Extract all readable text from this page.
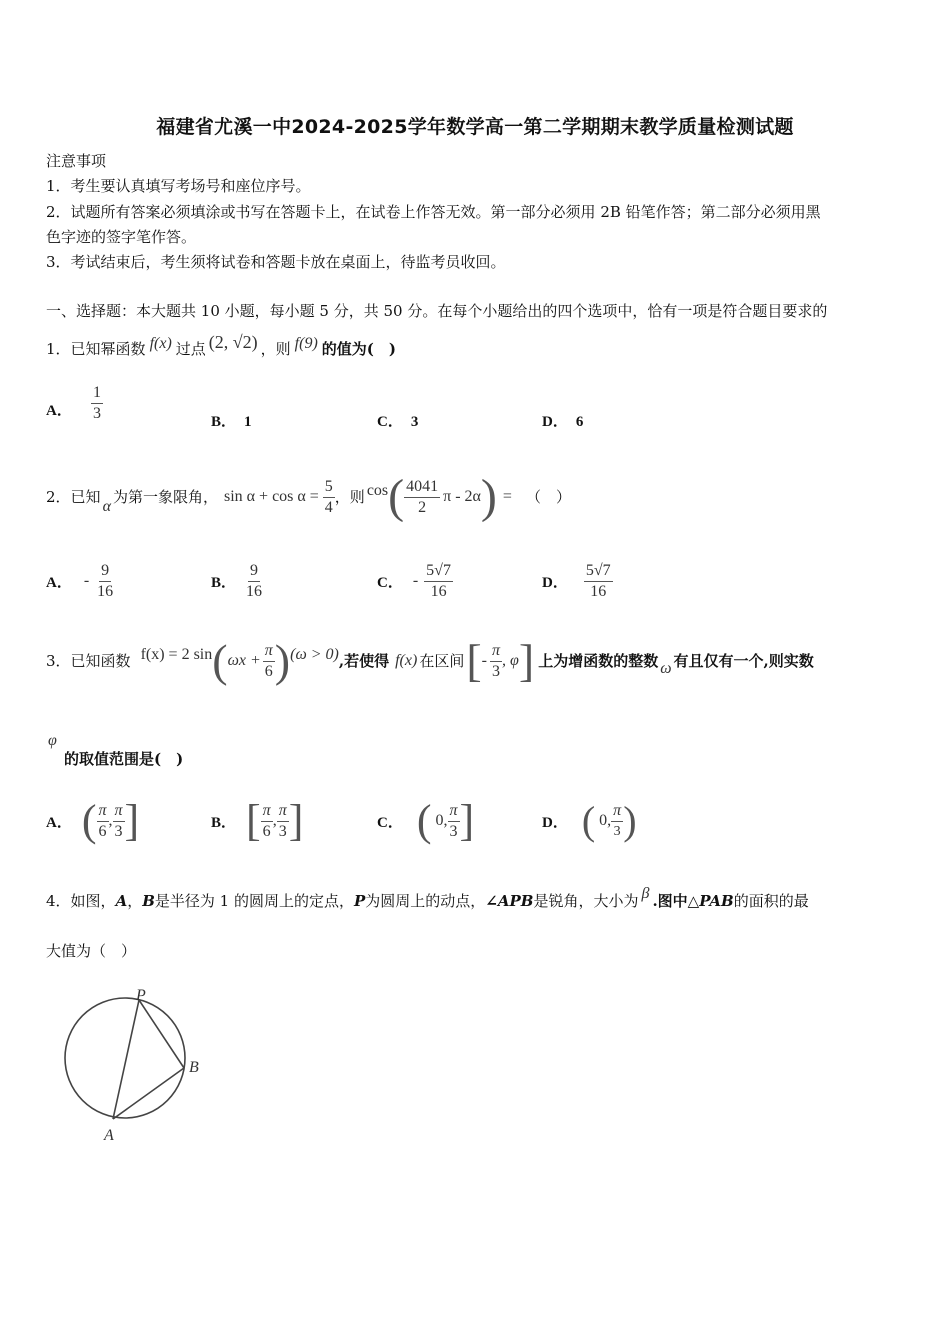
福建省尤溪一中2024-2025学年数学高一第二学期期末教学质量检测试题
注意事项
1．考生要认真填写考场号和座位序号。
2．试题所有答案必须填涂或书写在答题卡上，在试卷上作答无效。第一部分必须用 2B 铅笔作答；第二部分必须用黑
色字迹的签字笔作答。
3．考试结束后，考生须将试卷和答题卡放在桌面上，待监考员收回。
一、选择题：本大题共 10 小题，每小题 5 分，共 50 分。在每个小题给出的四个选项中，恰有一项是符合题目要求的
1．已知幂函数 f(x) 过点 (2, √2) ，则 f(9) 的值为(　)
A． $\frac{1}{3}$	B． 1	C． 3	D． 6
2． 已知
α
为第一象限角， $\sin \alpha + \cos \alpha = \frac{5}{4}$ ，则 cos ( $\frac{4041}{2}$ π - 2α ) = （　）
A． - $\frac{9}{16}$	B． $\frac{9}{16}$	C． - $\frac{5√7}{16}$	D． $\frac{5√7}{16}$
3． 已知函数 f(x) = 2 sin ( $\omega x + \frac{\pi}{6}$ ) (ω > 0) ,若使得 f(x) 在区间 [ - $\frac{\pi}{3}$ , φ ] 上为增函数的整数 ω 有且仅有一个,则实数
φ
的取值范围是(　)
A． ( $\frac{\pi}{6}$ , $\frac{\pi}{3}$ ]	B． [ $\frac{\pi}{6}$ , $\frac{\pi}{3}$ ]	C． ( 0, $\frac{\pi}{3}$ ]	D． ( 0, $\frac{\pi}{3}$ )
4．如图，A，B是半径为 1 的圆周上的定点，P为圆周上的动点，∠APB是锐角，大小为 β .图中△PAB的面积的最
大值为（　）
P
A
B
